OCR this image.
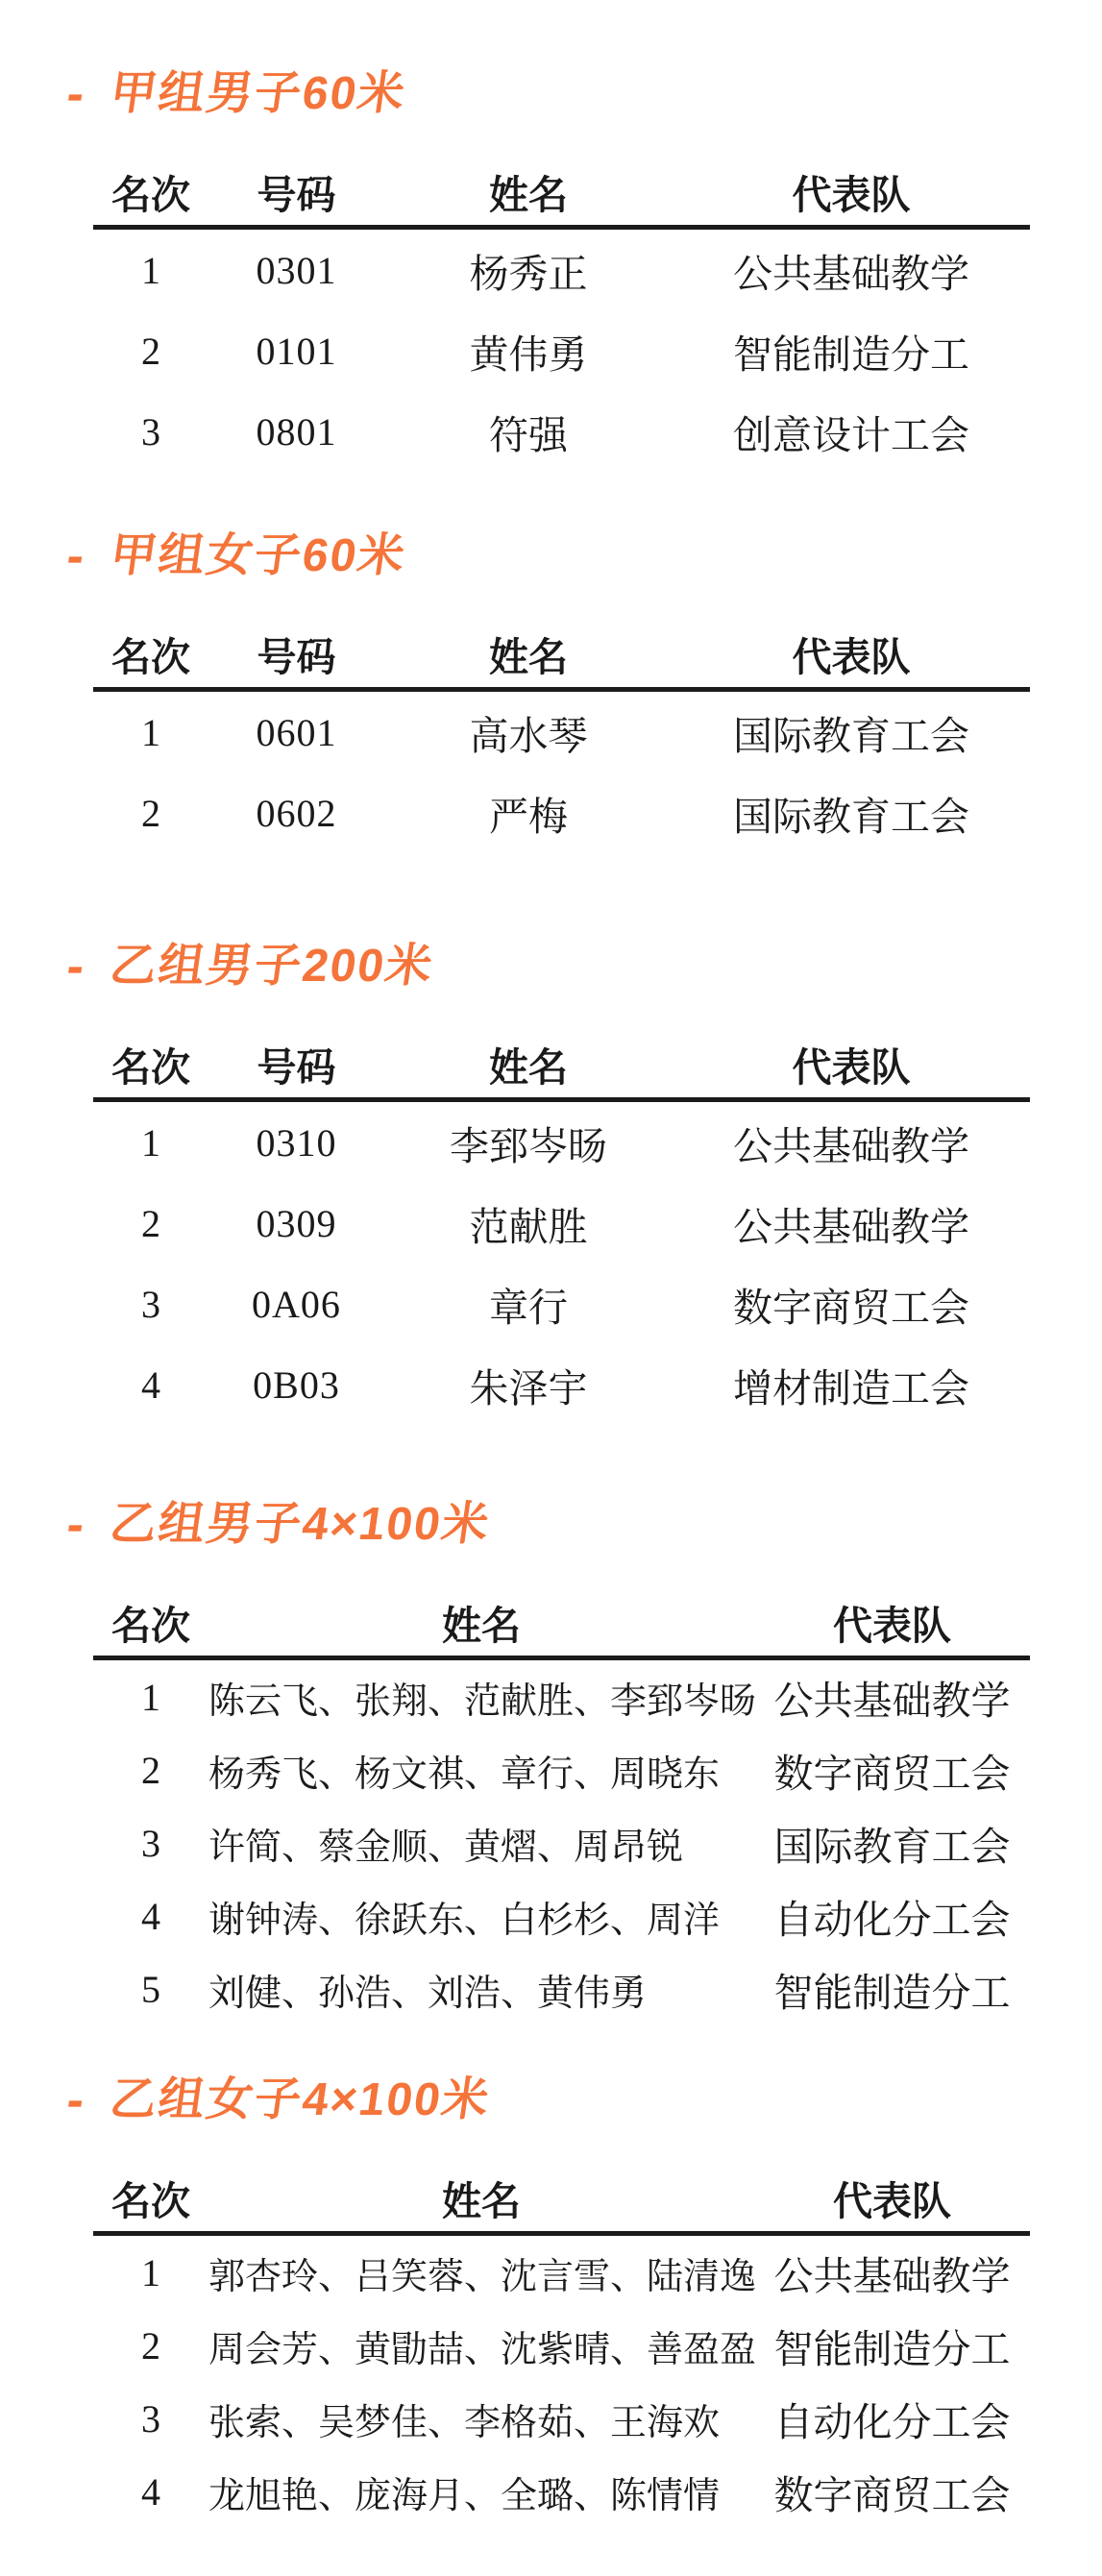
- 甲组男子60米
名次	号码	姓名	代表队
1	0301	杨秀正	公共基础教学
2	0101	黄伟勇	智能制造分工
3	0801	符强	创意设计工会
- 甲组女子60米
名次	号码	姓名	代表队
1	0601	高水琴	国际教育工会
2	0602	严梅	国际教育工会
- 乙组男子200米
名次	号码	姓名	代表队
1	0310	李郅岑旸	公共基础教学
2	0309	范献胜	公共基础教学
3	0A06	章行	数字商贸工会
4	0B03	朱泽宇	增材制造工会
- 乙组男子4×100米
名次	姓名	代表队
1	陈云飞、张翔、范献胜、李郅岑旸 公共基础教学
2	杨秀飞、杨文祺、章行、周晓东	数字商贸工会
3	许简、蔡金顺、黄熠、周昂锐	国际教育工会
4	谢钟涛、徐跃东、白杉杉、周洋	自动化分工会
5	刘健、孙浩、刘浩、黄伟勇	智能制造分工
- 乙组女子4×100米
名次	姓名	代表队
1	郭杏玲、吕笑蓉、沈言雪、陆清逸 公共基础教学
2	周会芳、黄勖喆、沈紫晴、善盈盈 智能制造分工
3	张索、吴梦佳、李格茹、王海欢	自动化分工会
4	龙旭艳、庞海月、全璐、陈情情	数字商贸工会
